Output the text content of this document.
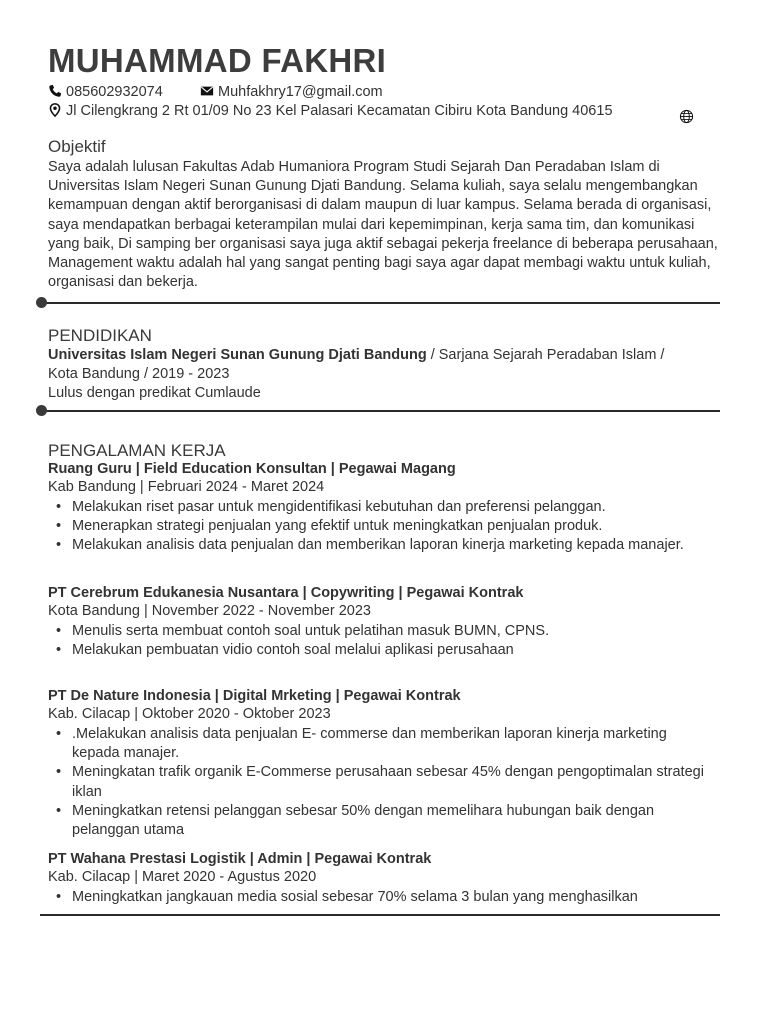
MUHAMMAD FAKHRI
085602932074	Muhfakhry17@gmail.com
Jl Cilengkrang 2 Rt 01/09 No 23 Kel Palasari Kecamatan Cibiru Kota Bandung 40615
Objektif
Saya adalah lulusan Fakultas Adab Humaniora Program Studi Sejarah Dan Peradaban Islam di Universitas Islam Negeri Sunan Gunung Djati Bandung. Selama kuliah, saya selalu mengembangkan kemampuan dengan aktif berorganisasi di dalam maupun di luar kampus. Selama berada di organisasi, saya mendapatkan berbagai keterampilan mulai dari kepemimpinan, kerja sama tim, dan komunikasi yang baik, Di samping ber organisasi saya juga aktif sebagai pekerja freelance di beberapa perusahaan, Management waktu adalah hal yang sangat penting bagi saya agar dapat membagi waktu untuk kuliah, organisasi dan bekerja.
PENDIDIKAN
Universitas Islam Negeri Sunan Gunung Djati Bandung / Sarjana Sejarah Peradaban Islam /
Kota Bandung / 2019 - 2023
Lulus dengan predikat Cumlaude
PENGALAMAN KERJA
Ruang Guru | Field Education Konsultan | Pegawai Magang
Kab Bandung | Februari 2024 - Maret 2024
• Melakukan riset pasar untuk mengidentifikasi kebutuhan dan preferensi pelanggan.
• Menerapkan strategi penjualan yang efektif untuk meningkatkan penjualan produk.
• Melakukan analisis data penjualan dan memberikan laporan kinerja marketing kepada manajer.
PT Cerebrum Edukanesia Nusantara | Copywriting | Pegawai Kontrak
Kota Bandung | November 2022 - November 2023
• Menulis serta membuat contoh soal untuk pelatihan masuk BUMN, CPNS.
• Melakukan pembuatan vidio contoh soal melalui aplikasi perusahaan
PT De Nature Indonesia | Digital Mrketing | Pegawai Kontrak
Kab. Cilacap | Oktober 2020 - Oktober 2023
• .Melakukan analisis data penjualan E- commerse dan memberikan laporan kinerja marketing kepada manajer.
• Meningkatan trafik organik E-Commerse perusahaan sebesar 45% dengan pengoptimalan strategi iklan
• Meningkatkan retensi pelanggan sebesar 50% dengan memelihara hubungan baik dengan pelanggan utama
PT Wahana Prestasi Logistik | Admin | Pegawai Kontrak
Kab. Cilacap | Maret 2020 - Agustus 2020
• Meningkatkan jangkauan media sosial sebesar 70% selama 3 bulan yang menghasilkan
